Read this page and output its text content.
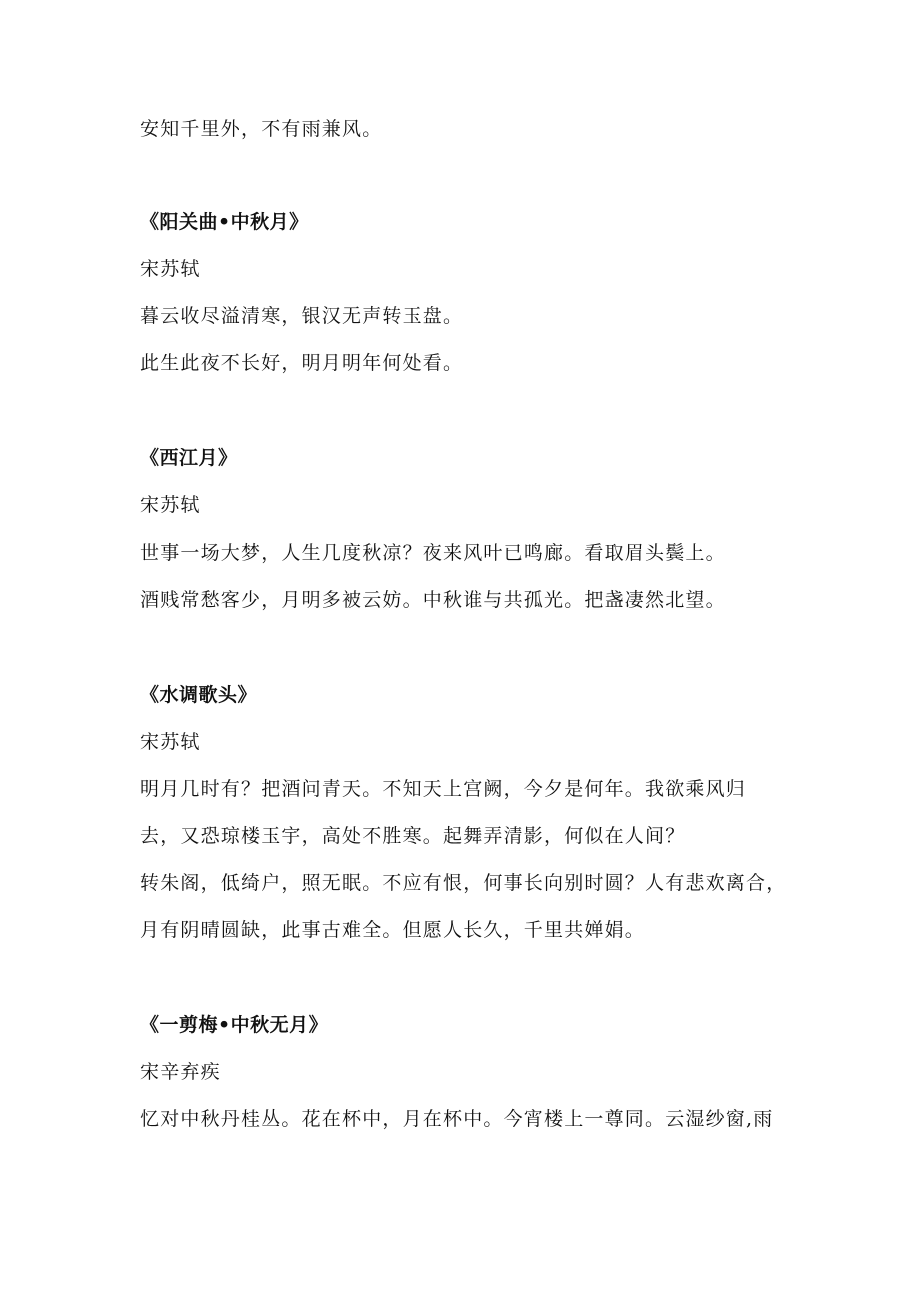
安知千里外，不有雨兼风。
《阳关曲•中秋月》
宋苏轼
暮云收尽溢清寒，银汉无声转玉盘。
此生此夜不长好，明月明年何处看。
《西江月》
宋苏轼
世事一场大梦，人生几度秋凉？夜来风叶已鸣廊。看取眉头鬓上。
酒贱常愁客少，月明多被云妨。中秋谁与共孤光。把盏凄然北望。
《水调歌头》
宋苏轼
明月几时有？把酒问青天。不知天上宫阙，今夕是何年。我欲乘风归
去，又恐琼楼玉宇，高处不胜寒。起舞弄清影，何似在人间？
转朱阁，低绮户，照无眠。不应有恨，何事长向别时圆？人有悲欢离合，
月有阴晴圆缺，此事古难全。但愿人长久，千里共婵娟。
《一剪梅•中秋无月》
宋辛弃疾
忆对中秋丹桂丛。花在杯中，月在杯中。今宵楼上一尊同。云湿纱窗,雨
